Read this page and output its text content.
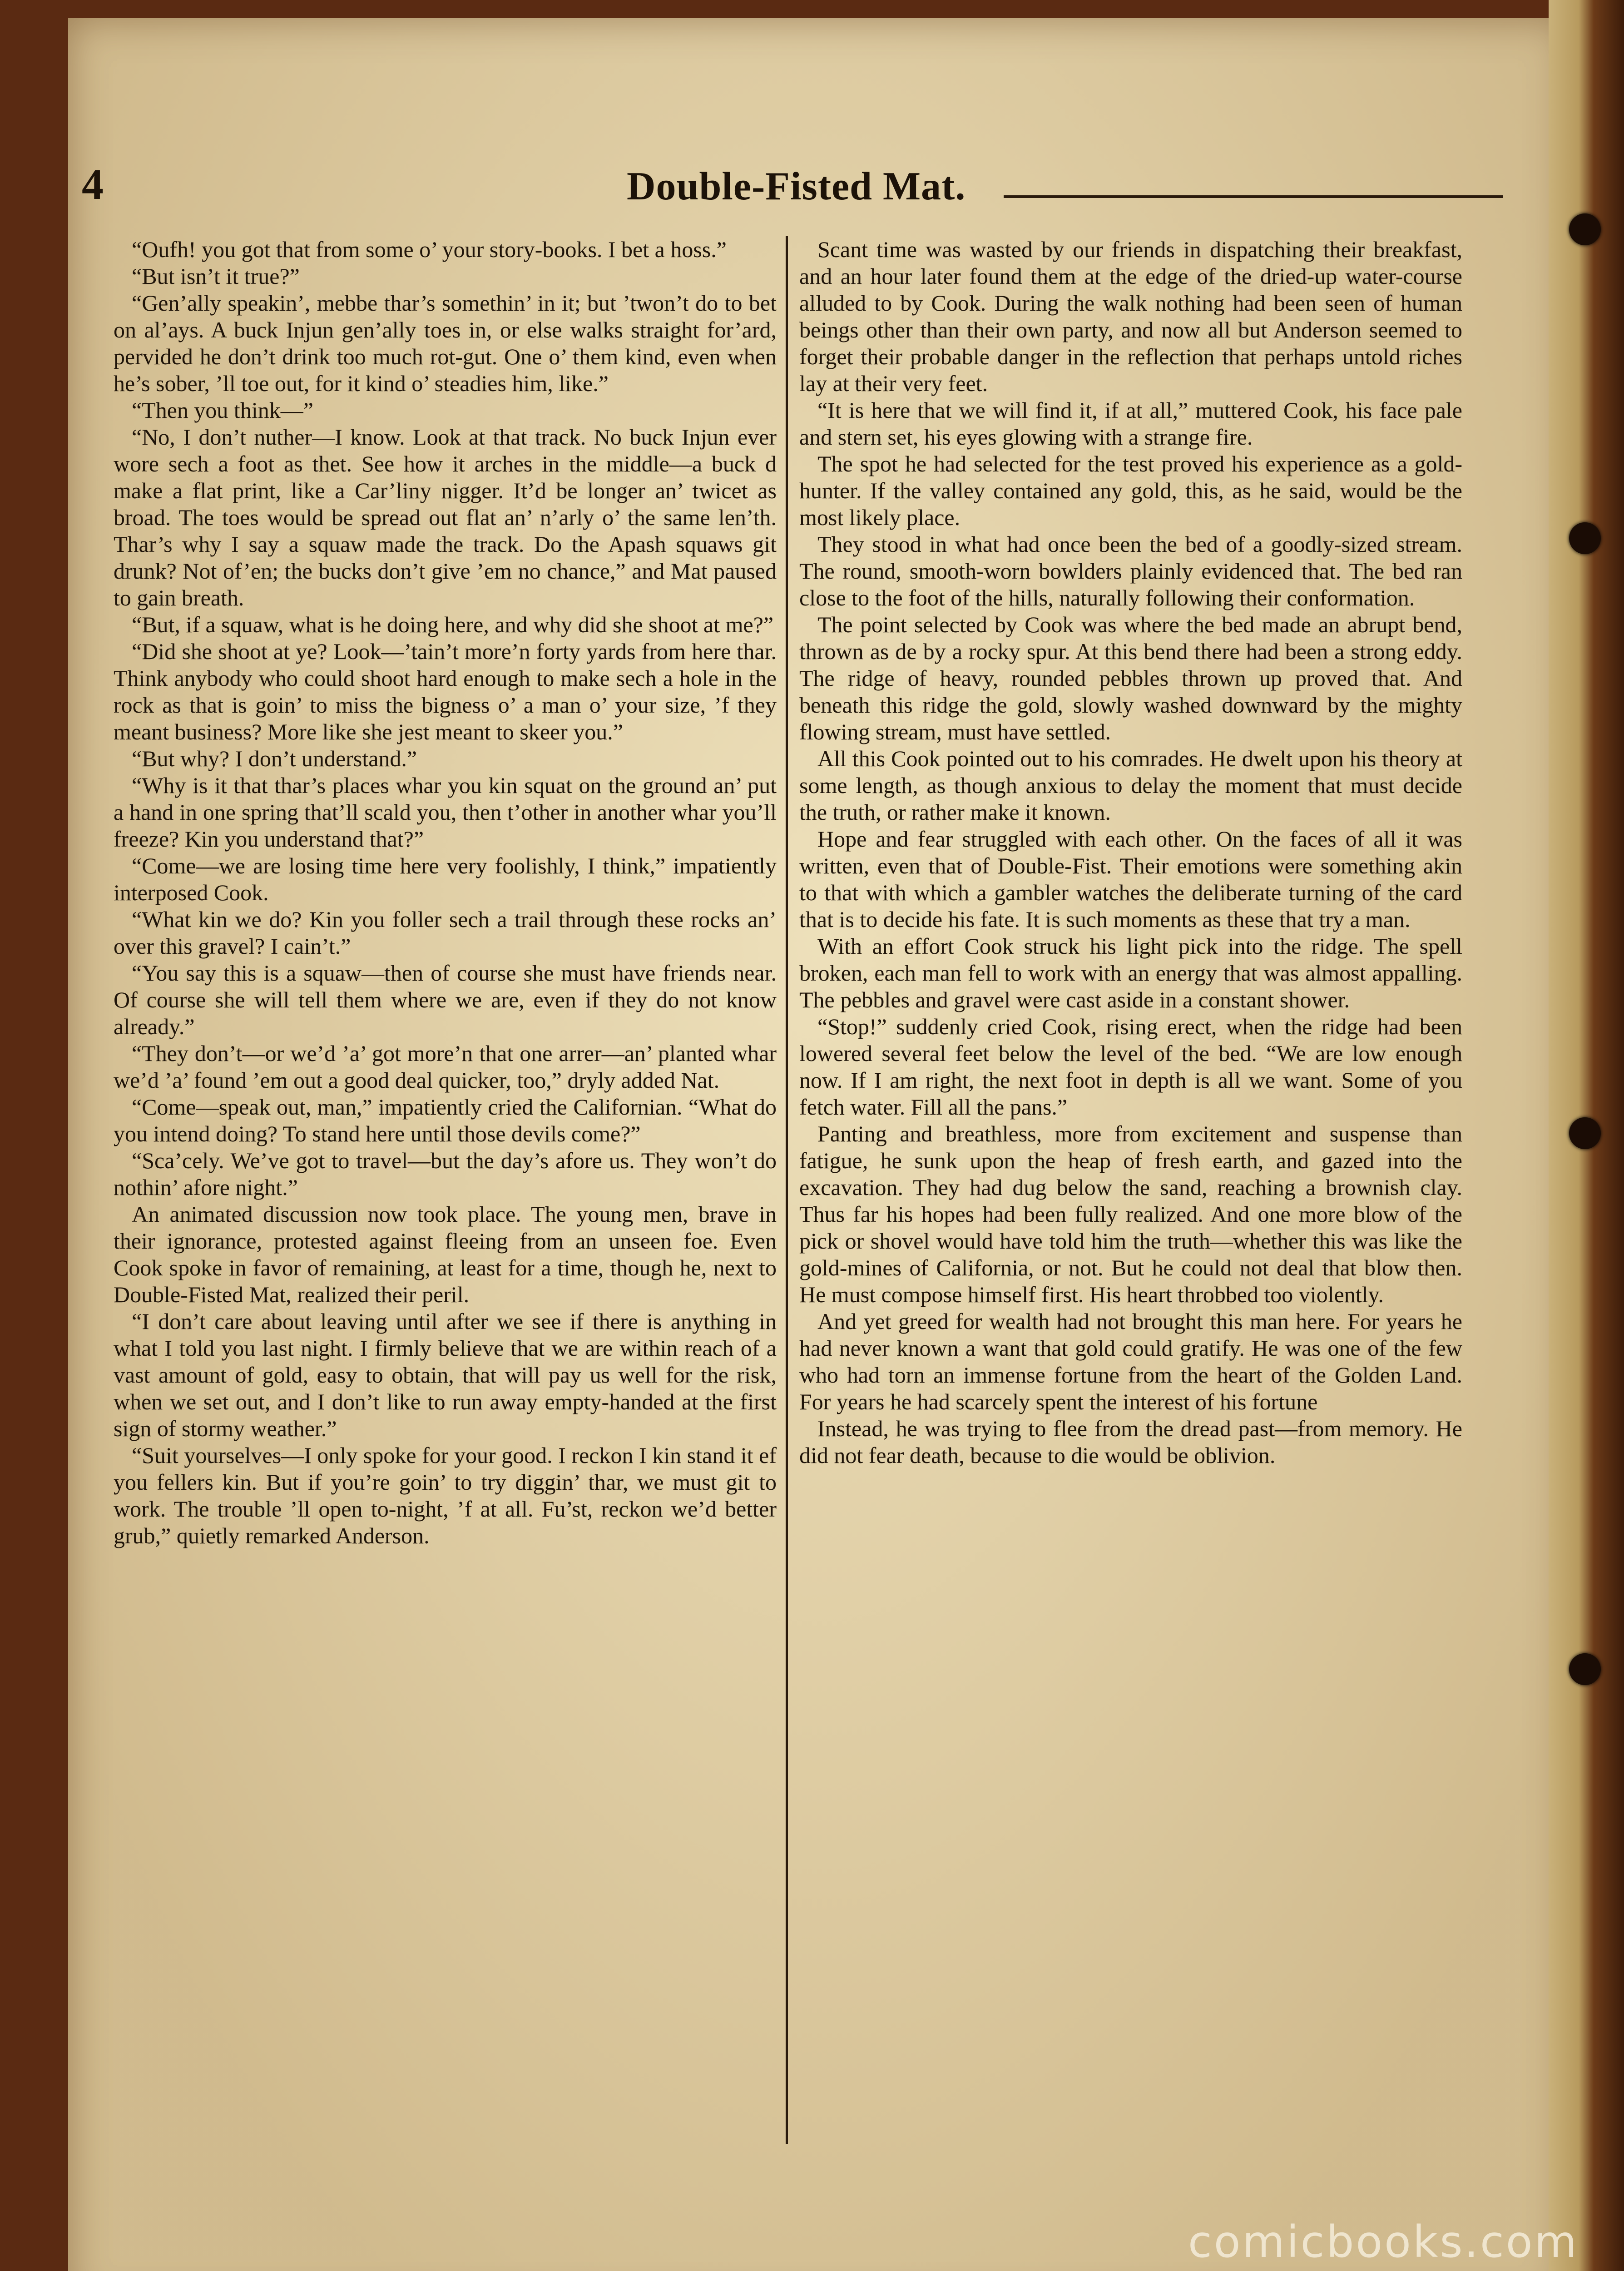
4	Double-Fisted Mat.

“Oufh! you got that from some o’ your story-books. I bet a hoss.”

“But isn’t it true?”

“Gen’ally speakin’, mebbe thar’s somethin’ in it; but ’twon’t do to bet on al’ays. A buck Injun gen’ally toes in, or else walks straight for’ard, pervided he don’t drink too much rot-gut. One o’ them kind, even when he’s sober, ’ll toe out, for it kind o’ steadies him, like.”

“Then you think—”

“No, I don’t nuther—I know. Look at that track. No buck Injun ever wore sech a foot as thet. See how it arches in the middle—a buck d make a flat print, like a Car’liny nigger. It’d be longer an’ twicet as broad. The toes would be spread out flat an’ n’arly o’ the same len’th. Thar’s why I say a squaw made the track. Do the Apash squaws git drunk? Not of’en; the bucks don’t give ’em no chance,” and Mat paused to gain breath.

“But, if a squaw, what is he doing here, and why did she shoot at me?”

“Did she shoot at ye? Look—’tain’t more’n forty yards from here thar. Think anybody who could shoot hard enough to make sech a hole in the rock as that is goin’ to miss the bigness o’ a man o’ your size, ’f they meant business? More like she jest meant to skeer you.”

“But why? I don’t understand.”

“Why is it that thar’s places whar you kin squat on the ground an’ put a hand in one spring that’ll scald you, then t’other in another whar you’ll freeze? Kin you understand that?”

“Come—we are losing time here very foolishly, I think,” impatiently interposed Cook.

“What kin we do? Kin you foller sech a trail through these rocks an’ over this gravel? I cain’t.”

“You say this is a squaw—then of course she must have friends near. Of course she will tell them where we are, even if they do not know already.”

“They don’t—or we’d ’a’ got more’n that one arrer—an’ planted whar we’d ’a’ found ’em out a good deal quicker, too,” dryly added Nat.

“Come—speak out, man,” impatiently cried the Californian. “What do you intend doing? To stand here until those devils come?”

“Sca’cely. We’ve got to travel—but the day’s afore us. They won’t do nothin’ afore night.”

An animated discussion now took place. The young men, brave in their ignorance, protested against fleeing from an unseen foe. Even Cook spoke in favor of remaining, at least for a time, though he, next to Double-Fisted Mat, realized their peril.

“I don’t care about leaving until after we see if there is anything in what I told you last night. I firmly believe that we are within reach of a vast amount of gold, easy to obtain, that will pay us well for the risk, when we set out, and I don’t like to run away empty-handed at the first sign of stormy weather.”

“Suit yourselves—I only spoke for your good. I reckon I kin stand it ef you fellers kin. But if you’re goin’ to try diggin’ thar, we must git to work. The trouble ’ll open to-night, ’f at all. Fu’st, reckon we’d better grub,” quietly remarked Anderson.

Scant time was wasted by our friends in dispatching their breakfast, and an hour later found them at the edge of the dried-up water-course alluded to by Cook. During the walk nothing had been seen of human beings other than their own party, and now all but Anderson seemed to forget their probable danger in the reflection that perhaps untold riches lay at their very feet.

“It is here that we will find it, if at all,” muttered Cook, his face pale and stern set, his eyes glowing with a strange fire.

The spot he had selected for the test proved his experience as a gold-hunter. If the valley contained any gold, this, as he said, would be the most likely place.

They stood in what had once been the bed of a goodly-sized stream. The round, smooth-worn bowlders plainly evidenced that. The bed ran close to the foot of the hills, naturally following their conformation.

The point selected by Cook was where the bed made an abrupt bend, thrown as de by a rocky spur. At this bend there had been a strong eddy. The ridge of heavy, rounded pebbles thrown up proved that. And beneath this ridge the gold, slowly washed downward by the mighty flowing stream, must have settled.

All this Cook pointed out to his comrades. He dwelt upon his theory at some length, as though anxious to delay the moment that must decide the truth, or rather make it known.

Hope and fear struggled with each other. On the faces of all it was written, even that of Double-Fist. Their emotions were something akin to that with which a gambler watches the deliberate turning of the card that is to decide his fate. It is such moments as these that try a man.

With an effort Cook struck his light pick into the ridge. The spell broken, each man fell to work with an energy that was almost appalling. The pebbles and gravel were cast aside in a constant shower.

“Stop!” suddenly cried Cook, rising erect, when the ridge had been lowered several feet below the level of the bed. “We are low enough now. If I am right, the next foot in depth is all we want. Some of you fetch water. Fill all the pans.”

Panting and breathless, more from excitement and suspense than fatigue, he sunk upon the heap of fresh earth, and gazed into the excavation. They had dug below the sand, reaching a brownish clay. Thus far his hopes had been fully realized. And one more blow of the pick or shovel would have told him the truth—whether this was like the gold-mines of California, or not. But he could not deal that blow then. He must compose himself first. His heart throbbed too violently.

And yet greed for wealth had not brought this man here. For years he had never known a want that gold could gratify. He was one of the few who had torn an immense fortune from the heart of the Golden Land. For years he had scarcely spent the interest of his fortune

Instead, he was trying to flee from the dread past—from memory. He did not fear death, because to die would be oblivion.

comicbooks.com
